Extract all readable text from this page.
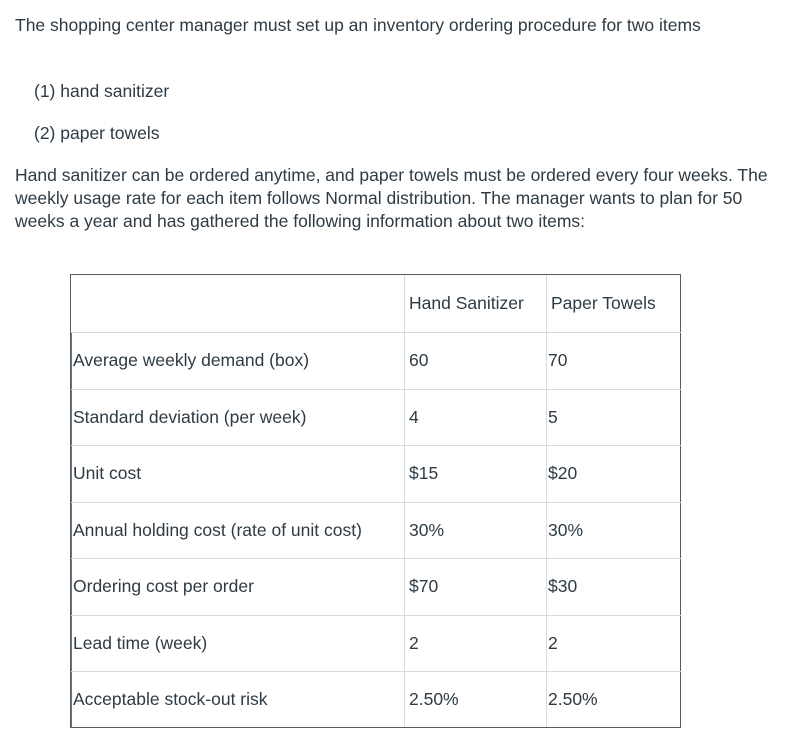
The shopping center manager must set up an inventory ordering procedure for two items

(1) hand sanitizer

(2) paper towels

Hand sanitizer can be ordered anytime, and paper towels must be ordered every four weeks. The weekly usage rate for each item follows Normal distribution. The manager wants to plan for 50 weeks a year and has gathered the following information about two items:

	Hand Sanitizer	Paper Towels
Average weekly demand (box)	60	70
Standard deviation (per week)	4	5
Unit cost	$15	$20
Annual holding cost (rate of unit cost)	30%	30%
Ordering cost per order	$70	$30
Lead time (week)	2	2
Acceptable stock-out risk	2.50%	2.50%
